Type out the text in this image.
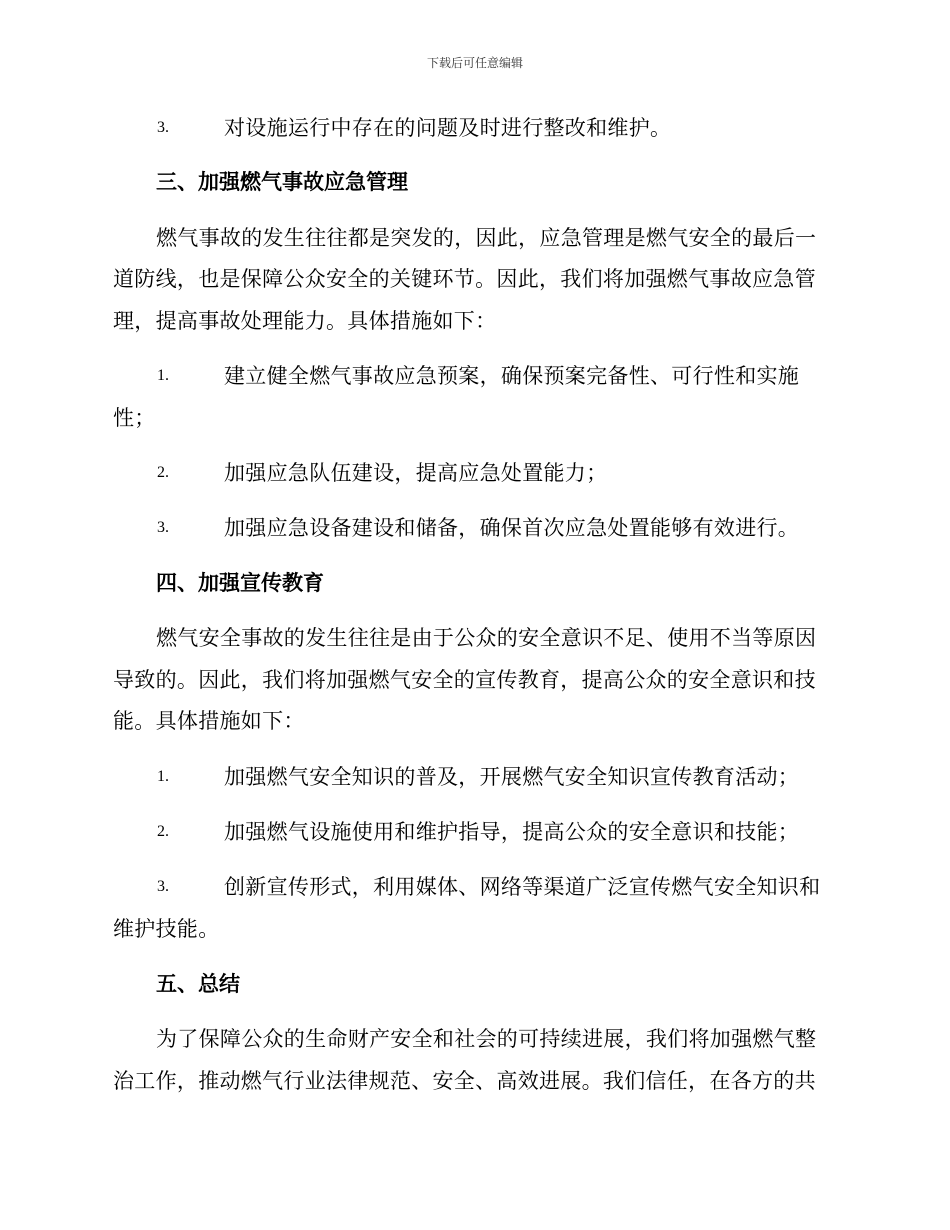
下载后可任意编辑
3.	对设施运行中存在的问题及时进行整改和维护。
三、加强燃气事故应急管理
燃气事故的发生往往都是突发的，因此，应急管理是燃气安全的最后一
道防线，也是保障公众安全的关键环节。因此，我们将加强燃气事故应急管
理，提高事故处理能力。具体措施如下：
1.	建立健全燃气事故应急预案，确保预案完备性、可行性和实施
性；
2.	加强应急队伍建设，提高应急处置能力；
3.	加强应急设备建设和储备，确保首次应急处置能够有效进行。
四、加强宣传教育
燃气安全事故的发生往往是由于公众的安全意识不足、使用不当等原因
导致的。因此，我们将加强燃气安全的宣传教育，提高公众的安全意识和技
能。具体措施如下：
1.	加强燃气安全知识的普及，开展燃气安全知识宣传教育活动；
2.	加强燃气设施使用和维护指导，提高公众的安全意识和技能；
3.	创新宣传形式，利用媒体、网络等渠道广泛宣传燃气安全知识和
维护技能。
五、总结
为了保障公众的生命财产安全和社会的可持续进展，我们将加强燃气整
治工作，推动燃气行业法律规范、安全、高效进展。我们信任，在各方的共
